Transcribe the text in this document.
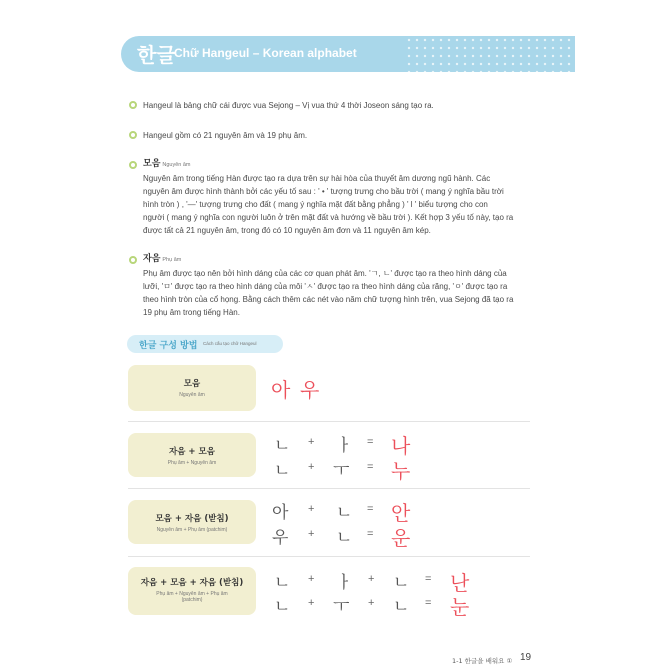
한글
Chữ Hangeul – Korean alphabet
Hangeul là bảng chữ cái được vua Sejong – Vị vua thứ 4 thời Joseon sáng tạo ra.
Hangeul gồm có 21 nguyên âm và 19 phụ âm.
모음 Nguyên âm
Nguyên âm trong tiếng Hàn được tạo ra dựa trên sự hài hòa của thuyết âm dương ngũ hành. Các
nguyên âm được hình thành bởi các yếu tố sau : ' • ' tượng trưng cho bầu trời ( mang ý nghĩa bầu trời
hình tròn ) , '—' tượng trưng cho đất ( mang ý nghĩa mặt đất bằng phẳng ) ' l ' biểu tượng cho con
người ( mang ý nghĩa con người luôn ở trên mặt đất và hướng về bầu trời ). Kết hợp 3 yếu tố này, tạo ra
được tất cả 21 nguyên âm, trong đó có 10 nguyên âm đơn và 11 nguyên âm kép.
자음 Phụ âm
Phụ âm được tạo nên bởi hình dáng của các cơ quan phát âm. 'ㄱ, ㄴ' được tạo ra theo hình dáng của
lưỡi, 'ㅁ' được tạo ra theo hình dáng của môi 'ㅅ' được tạo ra theo hình dáng của răng, 'ㅇ' được tạo ra
theo hình tròn của cổ họng. Bằng cách thêm các nét vào năm chữ tượng hình trên, vua Sejong đã tạo ra
19 phụ âm trong tiếng Hàn.
한글 구성 방법 Cách cấu tạo chữ Hangeul
모음
Nguyên âm	아 우
자음 + 모음
Phụ âm + Nguyên âm
ㄴ + ㅏ = 나
ㄴ + ㅜ = 누
모음 + 자음 (받침)
Nguyên âm + Phụ âm (patchim)
아 + ㄴ = 안
우 + ㄴ = 운
자음 + 모음 + 자음 (받침)
Phụ âm + Nguyên âm + Phụ âm (patchim)
ㄴ + ㅏ + ㄴ = 난
ㄴ + ㅜ + ㄴ = 눈
1-1 한글을 배워요 ① 19
